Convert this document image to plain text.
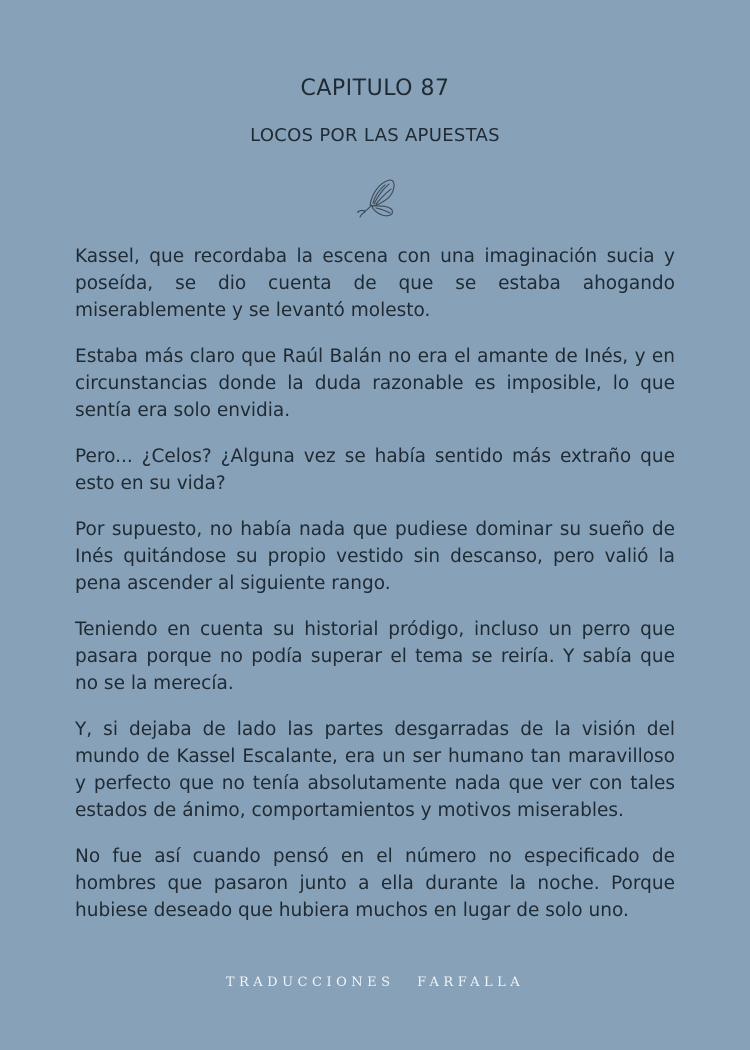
CAPITULO 87
LOCOS POR LAS APUESTAS

Kassel, que recordaba la escena con una imaginación sucia y poseída, se dio cuenta de que se estaba ahogando miserablemente y se levantó molesto.

Estaba más claro que Raúl Balán no era el amante de Inés, y en circunstancias donde la duda razonable es imposible, lo que sentía era solo envidia.

Pero... ¿Celos? ¿Alguna vez se había sentido más extraño que esto en su vida?

Por supuesto, no había nada que pudiese dominar su sueño de Inés quitándose su propio vestido sin descanso, pero valió la pena ascender al siguiente rango.

Teniendo en cuenta su historial pródigo, incluso un perro que pasara porque no podía superar el tema se reiría. Y sabía que no se la merecía.

Y, si dejaba de lado las partes desgarradas de la visión del mundo de Kassel Escalante, era un ser humano tan maravilloso y perfecto que no tenía absolutamente nada que ver con tales estados de ánimo, comportamientos y motivos miserables.

No fue así cuando pensó en el número no especificado de hombres que pasaron junto a ella durante la noche. Porque hubiese deseado que hubiera muchos en lugar de solo uno.

TRADUCCIONES FARFALLA
